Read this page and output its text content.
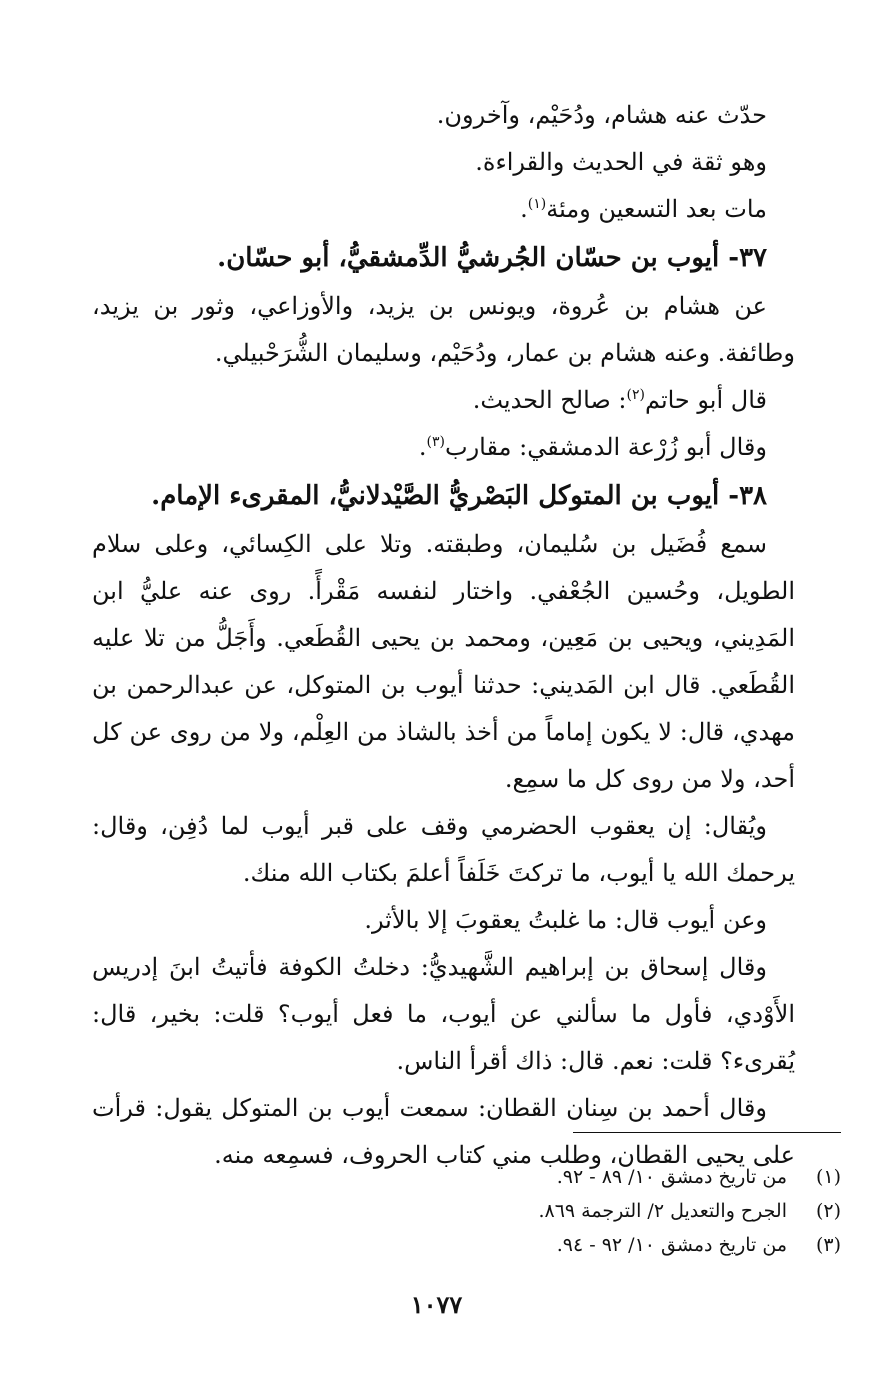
حدّث عنه هشام، ودُحَيْم، وآخرون.

وهو ثقة في الحديث والقراءة.

مات بعد التسعين ومئة$^{(١)}$.

٣٧- أيوب بن حسّان الجُرشيُّ الدِّمشقيُّ، أبو حسّان.

عن هشام بن عُروة، ويونس بن يزيد، والأوزاعي، وثور بن يزيد، وطائفة. وعنه هشام بن عمار، ودُحَيْم، وسليمان الشُّرَحْبيلي.

قال أبو حاتم$^{(٢)}$: صالح الحديث.

وقال أبو زُرْعة الدمشقي: مقارب$^{(٣)}$.

٣٨- أيوب بن المتوكل البَصْريُّ الصَّيْدلانيُّ، المقرىء الإمام.

سمع فُضَيل بن سُليمان، وطبقته. وتلا على الكِسائي، وعلى سلام الطويل، وحُسين الجُعْفي. واختار لنفسه مَقْرأً. روى عنه عليُّ ابن المَدِيني، ويحيى بن مَعِين، ومحمد بن يحيى القُطَعي. وأَجَلُّ من تلا عليه القُطَعي. قال ابن المَديني: حدثنا أيوب بن المتوكل، عن عبدالرحمن بن مهدي، قال: لا يكون إماماً من أخذ بالشاذ من العِلْم، ولا من روى عن كل أحد، ولا من روى كل ما سمِع.

ويُقال: إن يعقوب الحضرمي وقف على قبر أيوب لما دُفِن، وقال: يرحمك الله يا أيوب، ما تركتَ خَلَفاً أعلمَ بكتاب الله منك.

وعن أيوب قال: ما غلبتُ يعقوبَ إلا بالأثر.

وقال إسحاق بن إبراهيم الشَّهيديُّ: دخلتُ الكوفة فأتيتُ ابنَ إدريس الأَوْدي، فأول ما سألني عن أيوب، ما فعل أيوب؟ قلت: بخير، قال: يُقرىء؟ قلت: نعم. قال: ذاك أقرأ الناس.

وقال أحمد بن سِنان القطان: سمعت أيوب بن المتوكل يقول: قرأت على يحيى القطان، وطلب مني كتاب الحروف، فسمِعه منه.

(١)
من تاريخ دمشق ١٠/ ٨٩ - ٩٢.
(٢)
الجرح والتعديل ٢/ الترجمة ٨٦٩.
(٣)
من تاريخ دمشق ١٠/ ٩٢ - ٩٤.
١٠٧٧
